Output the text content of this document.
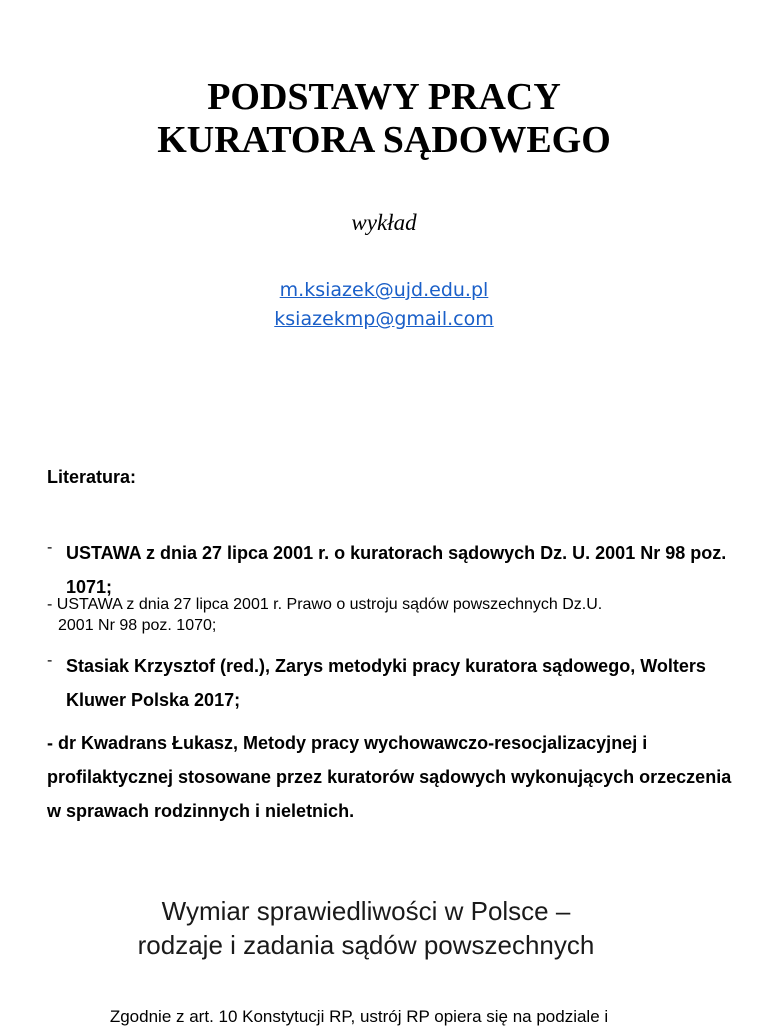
PODSTAWY PRACY
KURATORA SĄDOWEGO
wykład
m.ksiazek@ujd.edu.pl
ksiazekmp@gmail.com
Literatura:
- USTAWA z dnia 27 lipca 2001 r. o kuratorach sądowych Dz. U. 2001 Nr 98 poz. 1071;
- USTAWA z dnia 27 lipca 2001 r. Prawo o ustroju sądów powszechnych Dz.U.
2001 Nr 98 poz. 1070;
- Stasiak Krzysztof (red.), Zarys metodyki pracy kuratora sądowego, Wolters Kluwer Polska 2017;
- dr Kwadrans Łukasz, Metody pracy wychowawczo-resocjalizacyjnej i profilaktycznej stosowane przez kuratorów sądowych wykonujących orzeczenia w sprawach rodzinnych i nieletnich.
Wymiar sprawiedliwości w Polsce –
rodzaje i zadania sądów powszechnych
Zgodnie z art. 10 Konstytucji RP, ustrój RP opiera się na podziale i
